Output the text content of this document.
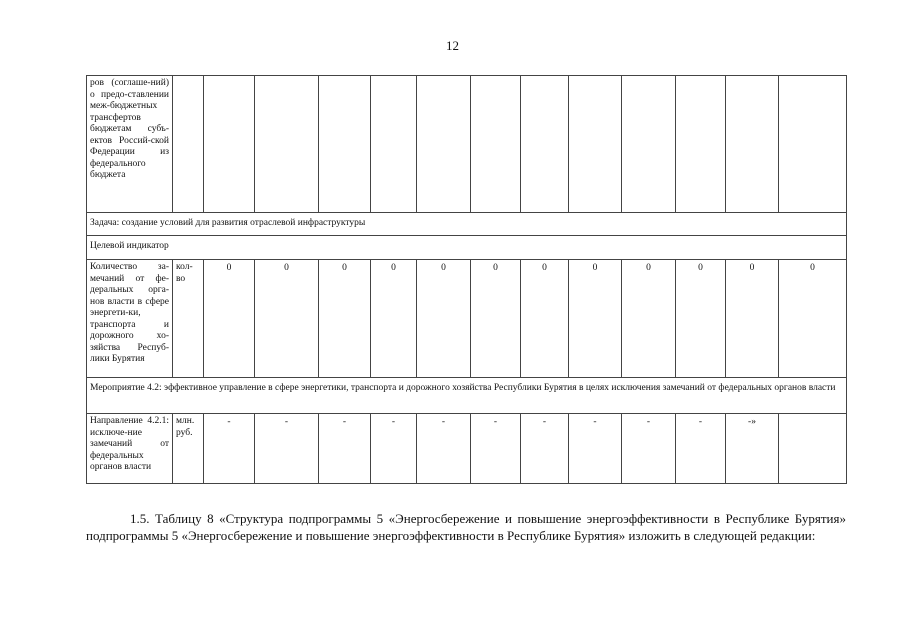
12
ров (соглаше-ний) о предо-ставлении меж-бюджетных трансфертов бюджетам субъ-ектов Россий-ской Федерации из федерального бюджета													
Задача: создание условий для развития отраслевой инфраструктуры													
Целевой индикатор													
Количество за-мечаний от фе-деральных орга-нов власти в сфере энергети-ки, транспорта и дорожного хо-зяйства Респуб-лики Бурятия	кол-во	0	0	0	0	0	0	0	0	0	0	0	0
Мероприятие 4.2: эффективное управление в сфере энергетики, транспорта и дорожного хозяйства Республики Бурятия в целях исключения замечаний от федеральных органов власти													
Направление 4.2.1: исключе-ние замечаний от федеральных органов власти	млн. руб.	-	-	-	-	-	-	-	-	-	-	-»	

1.5. Таблицу 8 «Структура подпрограммы 5 «Энергосбережение и повышение энергоэффективности в Республике Бурятия» подпрограммы 5 «Энергосбережение и повышение энергоэффективности в Республике Бурятия» изложить в следующей редакции:
